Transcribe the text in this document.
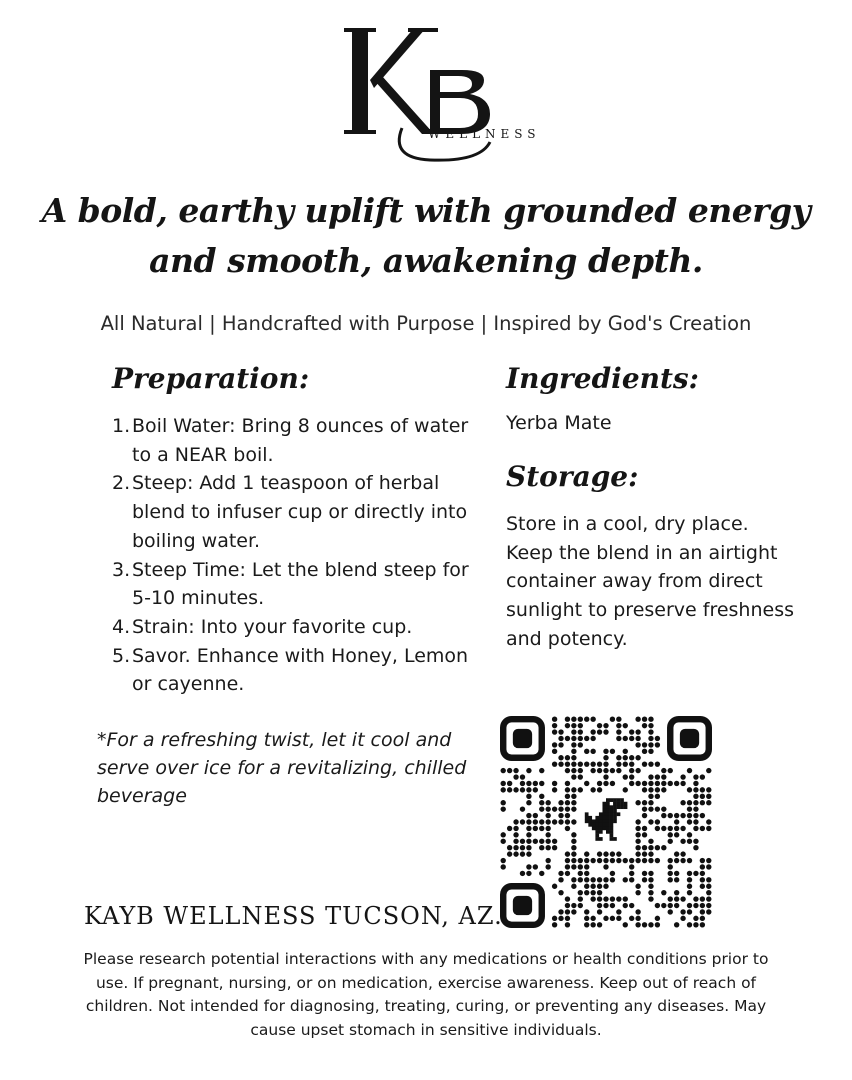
WELLNESS
A bold, earthy uplift with grounded energy
and smooth, awakening depth.
All Natural | Handcrafted with Purpose | Inspired by God's Creation
Preparation:
1. Boil Water: Bring 8 ounces of water to a NEAR boil.
2. Steep: Add 1 teaspoon of herbal blend to infuser cup or directly into boiling water.
3. Steep Time: Let the blend steep for 5-10 minutes.
4. Strain: Into your favorite cup.
5. Savor. Enhance with Honey, Lemon or cayenne.
Ingredients:
Yerba Mate
Storage:
Store in a cool, dry place. Keep the blend in an airtight container away from direct sunlight to preserve freshness and potency.
*For a refreshing twist, let it cool and serve over ice for a revitalizing, chilled beverage
KAYB WELLNESS TUCSON, AZ.
Please research potential interactions with any medications or health conditions prior to use. If pregnant, nursing, or on medication, exercise awareness. Keep out of reach of children. Not intended for diagnosing, treating, curing, or preventing any diseases. May cause upset stomach in sensitive individuals.
